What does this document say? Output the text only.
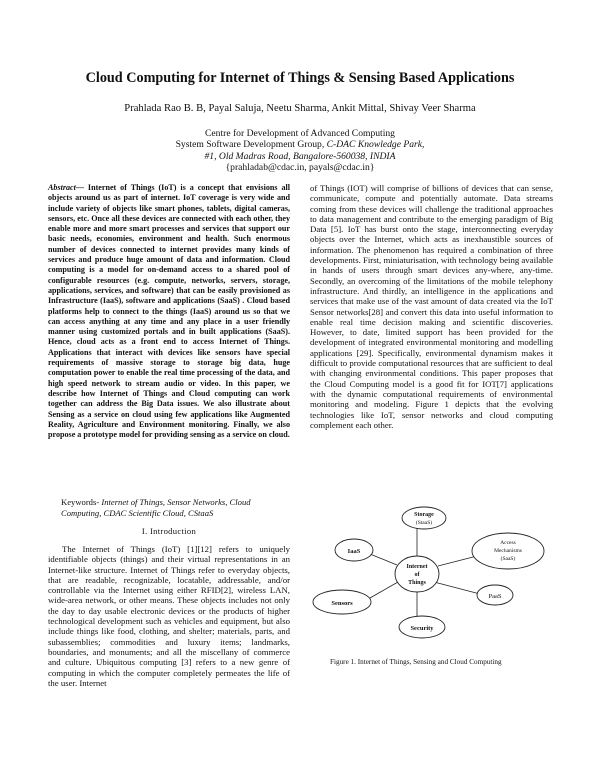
Cloud Computing for Internet of Things & Sensing Based Applications
Prahlada Rao B. B, Payal Saluja, Neetu Sharma, Ankit Mittal, Shivay Veer Sharma
Centre for Development of Advanced Computing
System Software Development Group, C-DAC Knowledge Park,
#1, Old Madras Road, Bangalore-560038, INDIA
{prahladab@cdac.in, payals@cdac.in}

Abstract— Internet of Things (IoT) is a concept that envisions all objects around us as part of internet. IoT coverage is very wide and include variety of objects like smart phones, tablets, digital cameras, sensors, etc. Once all these devices are connected with each other, they enable more and more smart processes and services that support our basic needs, economies, environment and health. Such enormous number of devices connected to internet provides many kinds of services and produce huge amount of data and information. Cloud computing is a model for on-demand access to a shared pool of configurable resources (e.g. compute, networks, servers, storage, applications, services, and software) that can be easily provisioned as Infrastructure (IaaS), software and applications (SaaS) . Cloud based platforms help to connect to the things (IaaS) around us so that we can access anything at any time and any place in a user friendly manner using customized portals and in built applications (SaaS). Hence, cloud acts as a front end to access Internet of Things. Applications that interact with devices like sensors have special requirements of massive storage to storage big data, huge computation power to enable the real time processing of the data, and high speed network to stream audio or video. In this paper, we describe how Internet of Things and Cloud computing can work together can address the Big Data issues. We also illustrate about Sensing as a service on cloud using few applications like Augmented Reality, Agriculture and Environment monitoring. Finally, we also propose a prototype model for providing sensing as a service on cloud.

of Things (IOT) will comprise of billions of devices that can sense, communicate, compute and potentially automate. Data streams coming from these devices will challenge the traditional approaches to data management and contribute to the emerging paradigm of Big Data [5]. IoT has burst onto the stage, interconnecting everyday objects over the Internet, which acts as inexhaustible sources of information. The phenomenon has required a combination of three developments. First, miniaturisation, with technology being available in hands of users through smart devices any-where, any-time. Secondly, an overcoming of the limitations of the mobile telephony infrastructure. And thirdly, an intelligence in the applications and services that make use of the vast amount of data created via the IoT Sensor networks[28] and convert this data into useful information to enable real time decision making and scientific discoveries. However, to date, limited support has been provided for the development of integrated environmental monitoring and modelling applications [29]. Specifically, environmental dynamism makes it difficult to provide computational resources that are sufficient to deal with changing environmental conditions. This paper proposes that the Cloud Computing model is a good fit for IOT[7] applications with the dynamic computational requirements of environmental monitoring and modeling. Figure 1 depicts that the evolving technologies like IoT, sensor networks and cloud computing complement each other.

Keywords- Internet of Things, Sensor Networks, Cloud Computing, CDAC Scientific Cloud, CStaaS
I. Introduction

The Internet of Things (IoT) [1][12] refers to uniquely identifiable objects (things) and their virtual representations in an Internet-like structure. Internet of Things refer to everyday objects, that are readable, recognizable, locatable, addressable, and/or controllable via the Internet using either RFID[2], wireless LAN, wide-area network, or other means. These objects includes not only the day to day usable electronic devices or the products of higher technological development such as vehicles and equipment, but also include things like food, clothing, and shelter; materials, parts, and subassemblies; commodities and luxury items; landmarks, boundaries, and monuments; and all the miscellany of commerce and culture. Ubiquitous computing [3] refers to a new genre of computing in which the computer completely permeates the life of the user. Internet

Internet
of
Things
Storage
(StaaS)
IaaS
Access
Mechanisms
(SaaS)
PaaS
Sensors
Security
Figure 1. Internet of Things, Sensing and Cloud Computing
